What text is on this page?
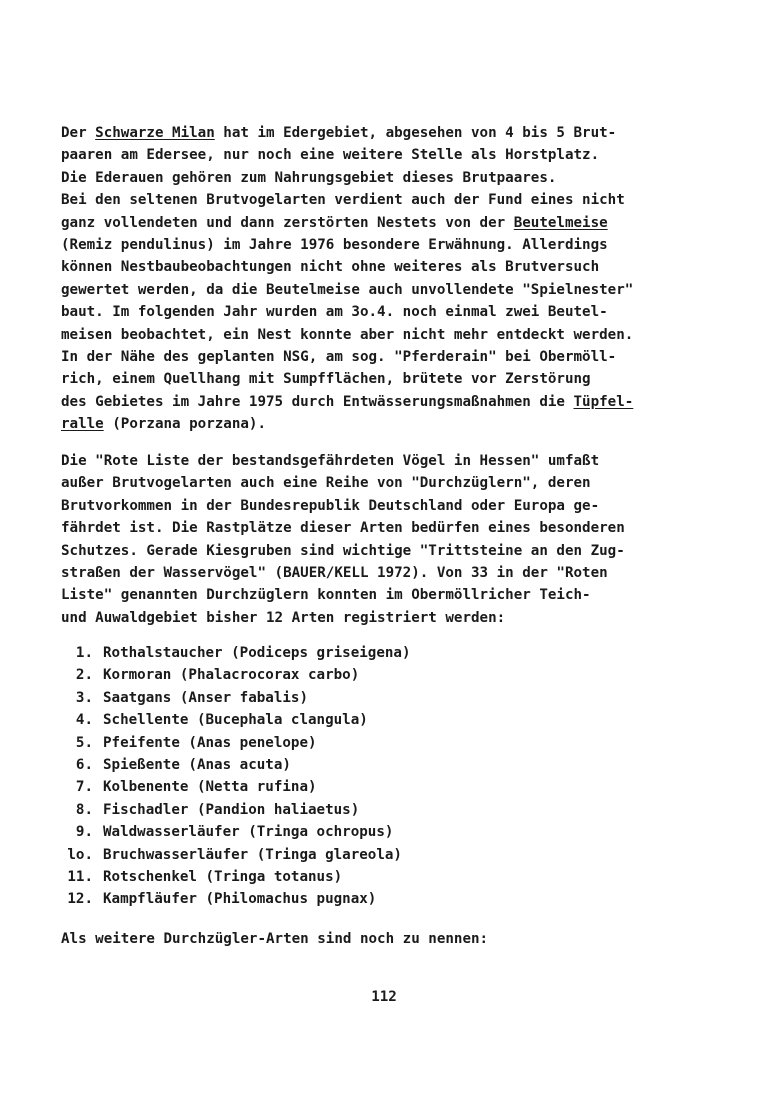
Der Schwarze Milan hat im Edergebiet, abgesehen von 4 bis 5 Brut-
paaren am Edersee, nur noch eine weitere Stelle als Horstplatz.
Die Ederauen gehören zum Nahrungsgebiet dieses Brutpaares.
Bei den seltenen Brutvogelarten verdient auch der Fund eines nicht
ganz vollendeten und dann zerstörten Nestets von der Beutelmeise
(Remiz pendulinus) im Jahre 1976 besondere Erwähnung. Allerdings
können Nestbaubeobachtungen nicht ohne weiteres als Brutversuch
gewertet werden, da die Beutelmeise auch unvollendete "Spielnester"
baut. Im folgenden Jahr wurden am 3o.4. noch einmal zwei Beutel-
meisen beobachtet, ein Nest konnte aber nicht mehr entdeckt werden.
In der Nähe des geplanten NSG, am sog. "Pferderain" bei Obermöll-
rich, einem Quellhang mit Sumpfflächen, brütete vor Zerstörung
des Gebietes im Jahre 1975 durch Entwässerungsmaßnahmen die Tüpfel-
ralle (Porzana porzana).
Die "Rote Liste der bestandsgefährdeten Vögel in Hessen" umfaßt
außer Brutvogelarten auch eine Reihe von "Durchzüglern", deren
Brutvorkommen in der Bundesrepublik Deutschland oder Europa ge-
fährdet ist. Die Rastplätze dieser Arten bedürfen eines besonderen
Schutzes. Gerade Kiesgruben sind wichtige "Trittsteine an den Zug-
straßen der Wasservögel" (BAUER/KELL 1972). Von 33 in der "Roten
Liste" genannten Durchzüglern konnten im Obermöllricher Teich-
und Auwaldgebiet bisher 12 Arten registriert werden:
1. Rothalstaucher (Podiceps griseigena)
2. Kormoran (Phalacrocorax carbo)
3. Saatgans (Anser fabalis)
4. Schellente (Bucephala clangula)
5. Pfeifente (Anas penelope)
6. Spießente (Anas acuta)
7. Kolbenente (Netta rufina)
8. Fischadler (Pandion haliaetus)
9. Waldwasserläufer (Tringa ochropus)
lo. Bruchwasserläufer (Tringa glareola)
11. Rotschenkel (Tringa totanus)
12. Kampfläufer (Philomachus pugnax)
Als weitere Durchzügler-Arten sind noch zu nennen:
112
